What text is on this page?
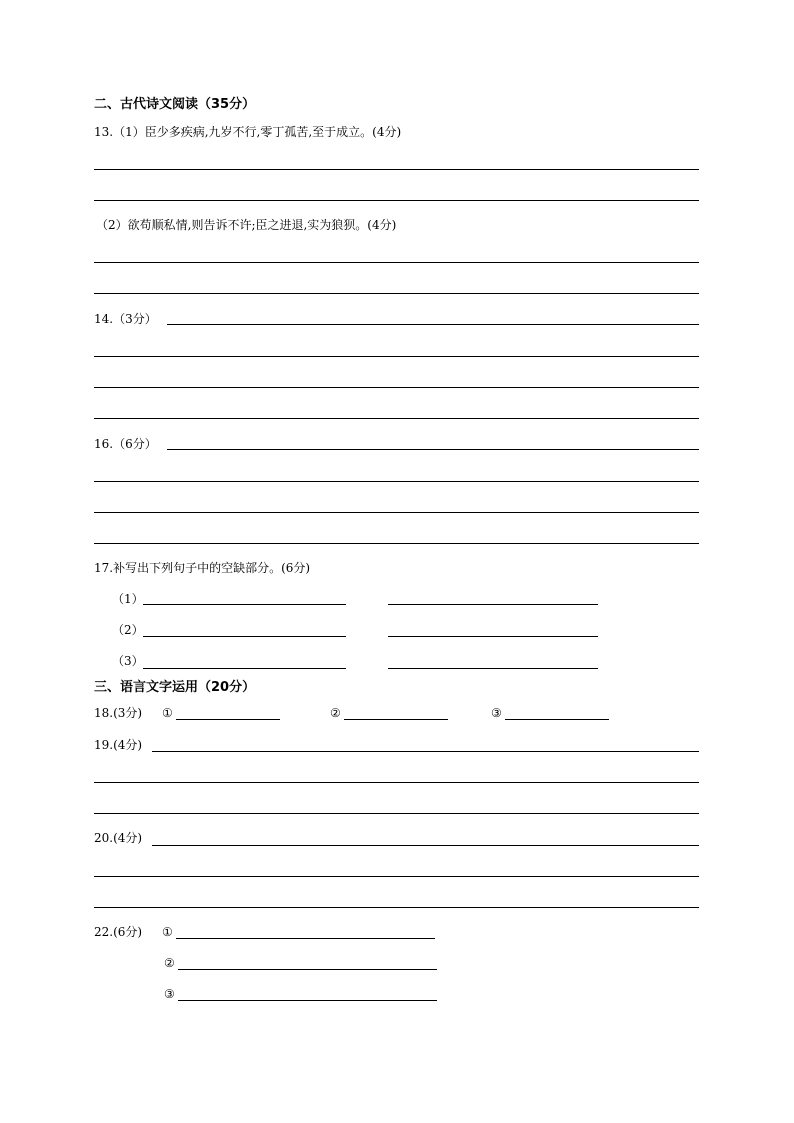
二、古代诗文阅读（35分）
13.（1）臣少多疾病,九岁不行,零丁孤苦,至于成立。(4分)
（2）欲苟顺私情,则告诉不许;臣之进退,实为狼狈。(4分)
14.（3分）
16.（6分）
17.补写出下列句子中的空缺部分。(6分)
（1）
（2）
（3）
三、语言文字运用（20分）
18.(3分) ①	②	③
19.(4分)
20.(4分)
22.(6分) ①
②
③
